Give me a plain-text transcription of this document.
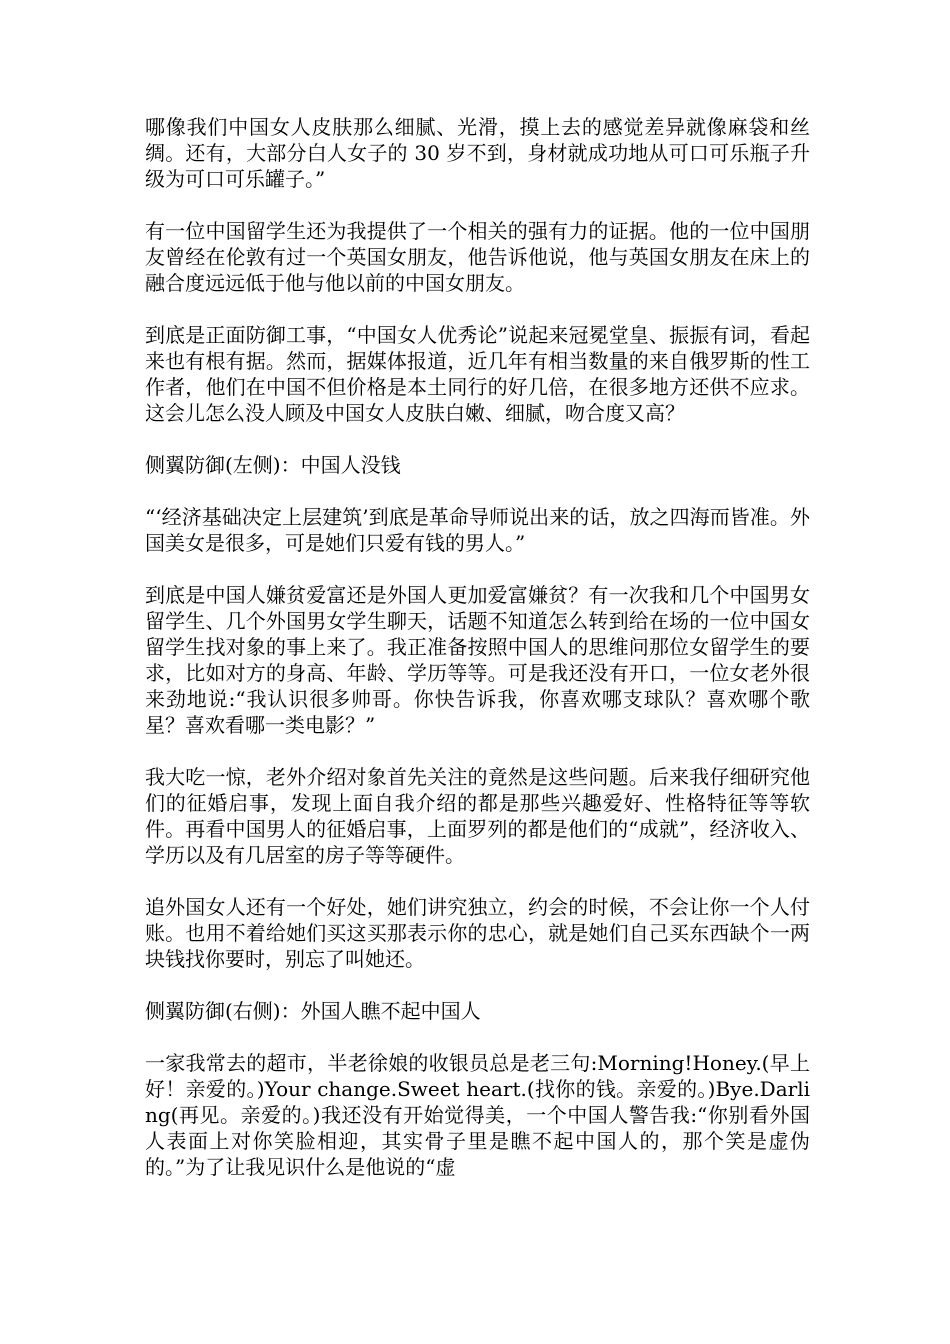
哪像我们中国女人皮肤那么细腻、光滑，摸上去的感觉差异就像麻袋和丝绸。还有，大部分白人女子的 30 岁不到，身材就成功地从可口可乐瓶子升级为可口可乐罐子。”

有一位中国留学生还为我提供了一个相关的强有力的证据。他的一位中国朋友曾经在伦敦有过一个英国女朋友，他告诉他说，他与英国女朋友在床上的融合度远远低于他与他以前的中国女朋友。

到底是正面防御工事，“中国女人优秀论”说起来冠冕堂皇、振振有词，看起来也有根有据。然而，据媒体报道，近几年有相当数量的来自俄罗斯的性工作者，他们在中国不但价格是本土同行的好几倍，在很多地方还供不应求。这会儿怎么没人顾及中国女人皮肤白嫩、细腻，吻合度又高？

侧翼防御(左侧)：中国人没钱

“‘经济基础决定上层建筑’到底是革命导师说出来的话，放之四海而皆准。外国美女是很多，可是她们只爱有钱的男人。”

到底是中国人嫌贫爱富还是外国人更加爱富嫌贫？有一次我和几个中国男女留学生、几个外国男女学生聊天，话题不知道怎么转到给在场的一位中国女留学生找对象的事上来了。我正准备按照中国人的思维问那位女留学生的要求，比如对方的身高、年龄、学历等等。可是我还没有开口，一位女老外很来劲地说:“我认识很多帅哥。你快告诉我，你喜欢哪支球队？喜欢哪个歌星？喜欢看哪一类电影？”

我大吃一惊，老外介绍对象首先关注的竟然是这些问题。后来我仔细研究他们的征婚启事，发现上面自我介绍的都是那些兴趣爱好、性格特征等等软件。再看中国男人的征婚启事，上面罗列的都是他们的“成就”，经济收入、学历以及有几居室的房子等等硬件。

追外国女人还有一个好处，她们讲究独立，约会的时候，不会让你一个人付账。也用不着给她们买这买那表示你的忠心，就是她们自己买东西缺个一两块钱找你要时，别忘了叫她还。

侧翼防御(右侧)：外国人瞧不起中国人

一家我常去的超市，半老徐娘的收银员总是老三句:Morning!Honey.(早上好！亲爱的。)Your change.Sweet heart.(找你的钱。亲爱的。)Bye.Darling(再见。亲爱的。)我还没有开始觉得美，一个中国人警告我:“你别看外国人表面上对你笑脸相迎，其实骨子里是瞧不起中国人的，那个笑是虚伪的。”为了让我见识什么是他说的“虚
